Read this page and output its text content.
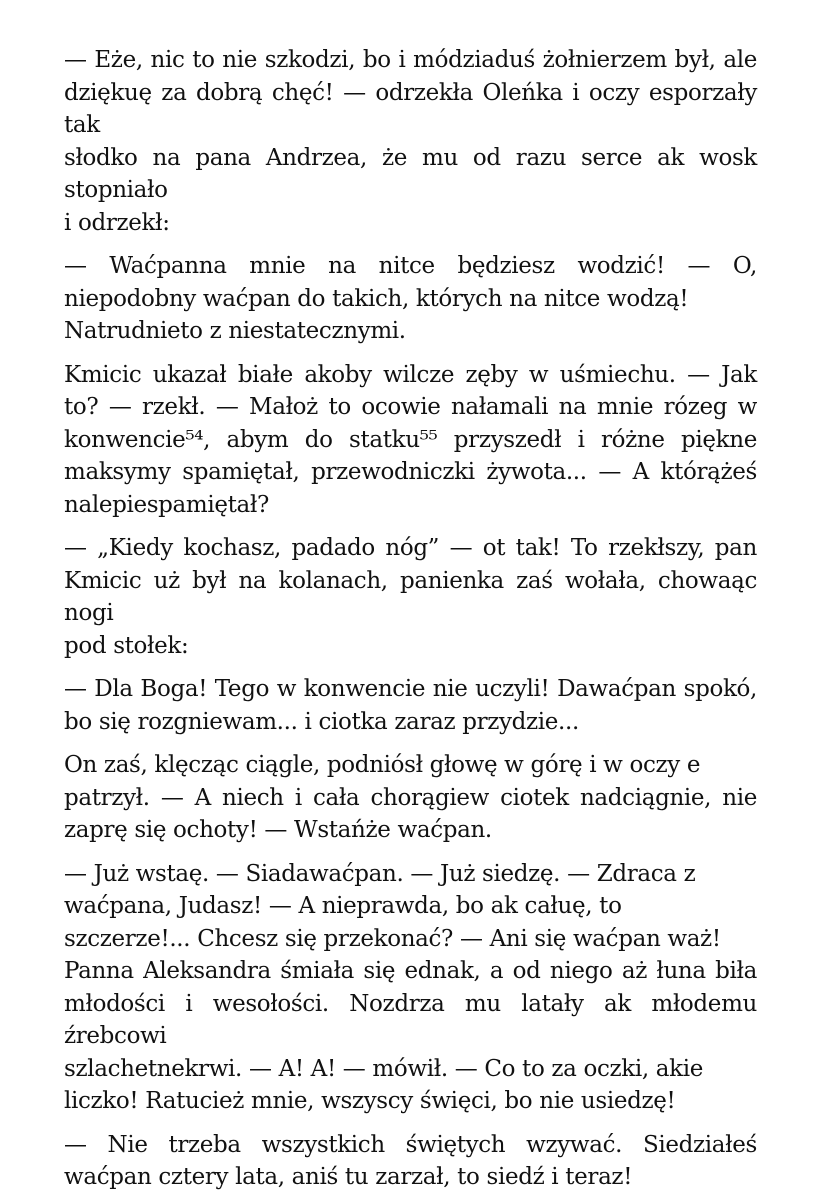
— Eże, nic to nie szkodzi, bo i módziaduś żołnierzem był, ale
dziękuę za dobrą chęć! — odrzekła Oleńka i oczy esporzały tak
słodko na pana Andrzea, że mu od razu serce ak wosk stopniało
i odrzekł:

— Waćpanna mnie na nitce będziesz wodzić! — O,
niepodobny waćpan do takich, których na nitce wodzą!
Natrudnieto z niestatecznymi.

Kmicic ukazał białe akoby wilcze zęby w uśmiechu. — Jak
to? — rzekł. — Małoż to ocowie nałamali na mnie rózeg w
konwencie⁵⁴, abym do statku⁵⁵ przyszedł i różne piękne
maksymy spamiętał, przewodniczki żywota... — A którążeś
nalepiespamiętał?

— „Kiedy kochasz, padado nóg” — ot tak! To rzekłszy, pan
Kmicic uż był na kolanach, panienka zaś wołała, chowaąc nogi
pod stołek:

— Dla Boga! Tego w konwencie nie uczyli! Dawaćpan spokó,
bo się rozgniewam... i ciotka zaraz przydzie...

On zaś, klęcząc ciągle, podniósł głowę w górę i w oczy e
patrzył. — A niech i cała chorągiew ciotek nadciągnie, nie
zaprę się ochoty! — Wstańże waćpan.

— Już wstaę. — Siadawaćpan. — Już siedzę. — Zdraca z
waćpana, Judasz! — A nieprawda, bo ak całuę, to
szczerze!... Chcesz się przekonać? — Ani się waćpan waż!
Panna Aleksandra śmiała się ednak, a od niego aż łuna biła
młodości i wesołości. Nozdrza mu latały ak młodemu źrebcowi
szlachetnekrwi. — A! A! — mówił. — Co to za oczki, akie
liczko! Ratucież mnie, wszyscy święci, bo nie usiedzę!

— Nie trzeba wszystkich świętych wzywać. Siedziałeś
waćpan cztery lata, aniś tu zarzał, to siedź i teraz!
